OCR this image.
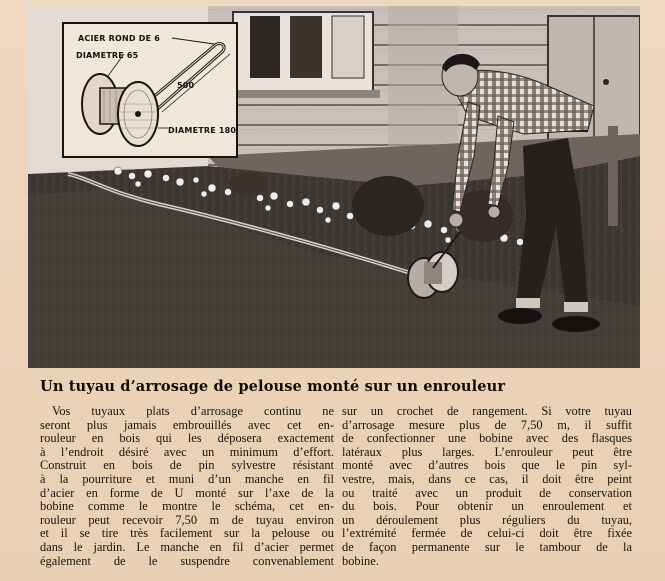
ACIER ROND DE 6
DIAMETRE 65
500
DIAMETRE 180
Un tuyau d’arrosage de pelouse monté sur un enrouleur
Vos tuyaux plats d’arrosage continu ne
seront plus jamais embrouillés avec cet en-
rouleur en bois qui les déposera exactement
à l’endroit désiré avec un minimum d’effort.
Construit en bois de pin sylvestre résistant
à la pourriture et muni d’un manche en fil
d’acier en forme de U monté sur l’axe de la
bobine comme le montre le schéma, cet en-
rouleur peut recevoir 7,50 m de tuyau environ
et il se tire très facilement sur la pelouse ou
dans le jardin. Le manche en fil d’acier permet
également de le suspendre convenablement
sur un crochet de rangement. Si votre tuyau
d’arrosage mesure plus de 7,50 m, il suffit
de confectionner une bobine avec des flasques
latéraux plus larges. L’enrouleur peut être
monté avec d’autres bois que le pin syl-
vestre, mais, dans ce cas, il doit être peint
ou traité avec un produit de conservation
du bois. Pour obtenir un enroulement et
un déroulement plus réguliers du tuyau,
l’extrémité fermée de celui-ci doit être fixée
de façon permanente sur le tambour de la
bobine.
